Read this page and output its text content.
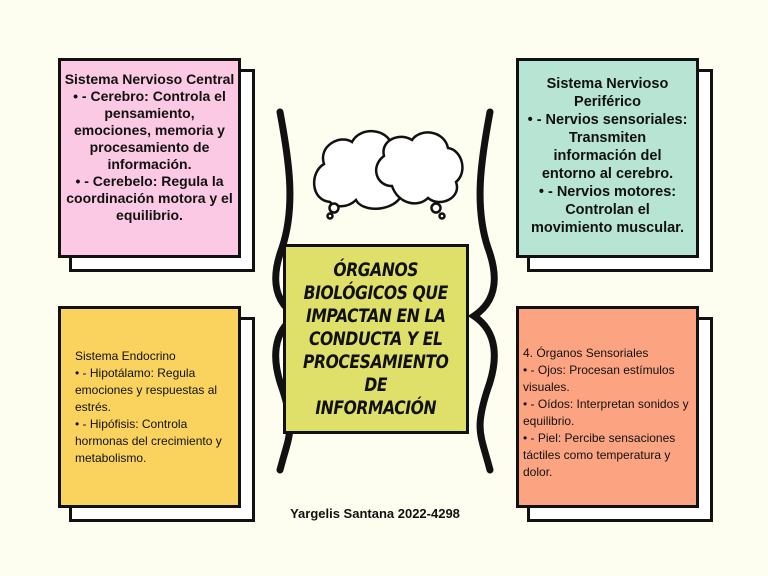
Sistema Nervioso Central
• - Cerebro: Controla el
pensamiento,
emociones, memoria y
procesamiento de
información.
• - Cerebelo: Regula la
coordinación motora y el
equilibrio.
Sistema Nervioso
Periférico
• - Nervios sensoriales:
Transmiten
información del
entorno al cerebro.
• - Nervios motores:
Controlan el
movimiento muscular.
Sistema Endocrino
• - Hipotálamo: Regula
emociones y respuestas al
estrés.
• - Hipófisis: Controla
hormonas del crecimiento y
metabolismo.
4. Órganos Sensoriales
• - Ojos: Procesan estímulos
visuales.
• - Oídos: Interpretan sonidos y
equilibrio.
• - Piel: Percibe sensaciones
táctiles como temperatura y
dolor.
ÓRGANOS BIOLÓGICOS QUE IMPACTAN EN LA CONDUCTA Y EL PROCESAMIENTO DE INFORMACIÓN
Yargelis Santana 2022-4298
